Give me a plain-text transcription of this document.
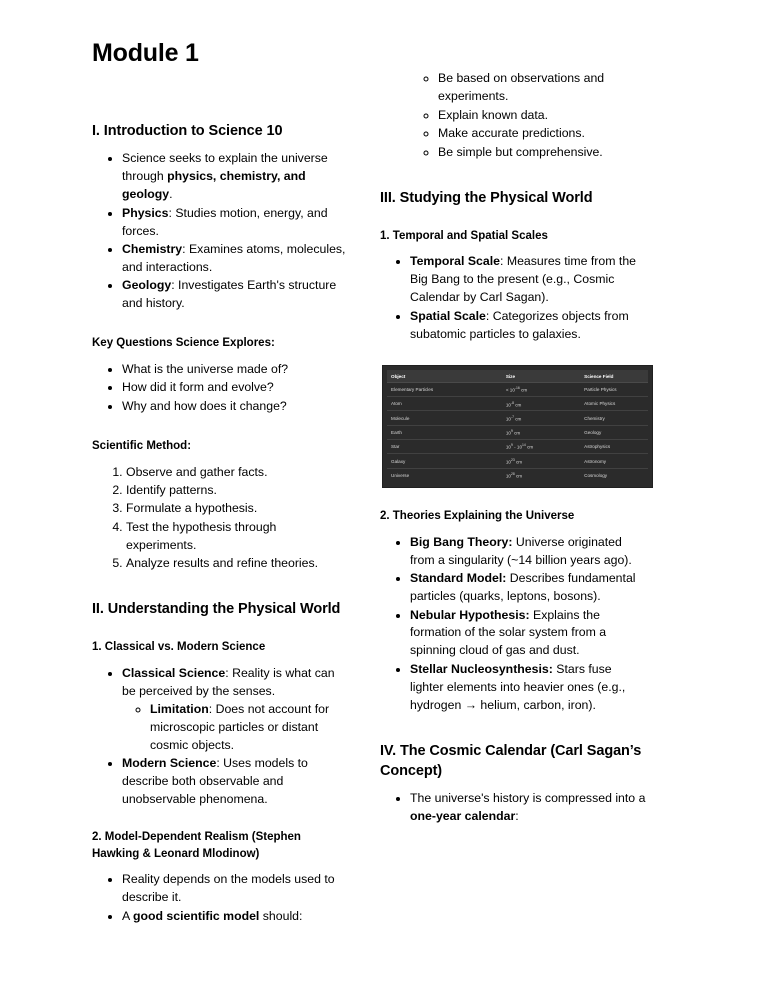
Module 1
I. Introduction to Science 10
• Science seeks to explain the universe through physics, chemistry, and geology.
• Physics: Studies motion, energy, and forces.
• Chemistry: Examines atoms, molecules, and interactions.
• Geology: Investigates Earth's structure and history.

Key Questions Science Explores:

• What is the universe made of?
• How did it form and evolve?
• Why and how does it change?

Scientific Method:

1. Observe and gather facts.
2. Identify patterns.
3. Formulate a hypothesis.
4. Test the hypothesis through experiments.
5. Analyze results and refine theories.
II. Understanding the Physical World
1. Classical vs. Modern Science
• Classical Science: Reality is what can be perceived by the senses.
◦ Limitation: Does not account for microscopic particles or distant cosmic objects.
• Modern Science: Uses models to describe both observable and unobservable phenomena.
2. Model-Dependent Realism (Stephen Hawking & Leonard Mlodinow)
• Reality depends on the models used to describe it.
• A good scientific model should:
◦ Be based on observations and experiments.
◦ Explain known data.
◦ Make accurate predictions.
◦ Be simple but comprehensive.
III. Studying the Physical World
1. Temporal and Spatial Scales
• Temporal Scale: Measures time from the Big Bang to the present (e.g., Cosmic Calendar by Carl Sagan).
• Spatial Scale: Categorizes objects from subatomic particles to galaxies.
Object	Size	Science Field
Elementary Particles	< $10^{-16}$ cm	Particle Physics
Atom	$10^{-8}$ cm	Atomic Physics
Molecule	$10^{-7}$ cm	Chemistry
Earth	$10^9$ cm	Geology
Star	$10^9 - 10^{14}$ cm	Astrophysics
Galaxy	$10^{23}$ cm	Astronomy
Universe	$10^{28}$ cm	Cosmology
2. Theories Explaining the Universe
• Big Bang Theory: Universe originated from a singularity (~14 billion years ago).
• Standard Model: Describes fundamental particles (quarks, leptons, bosons).
• Nebular Hypothesis: Explains the formation of the solar system from a spinning cloud of gas and dust.
• Stellar Nucleosynthesis: Stars fuse lighter elements into heavier ones (e.g., hydrogen → helium, carbon, iron).
IV. The Cosmic Calendar (Carl Sagan’s Concept)
• The universe's history is compressed into a one-year calendar:
